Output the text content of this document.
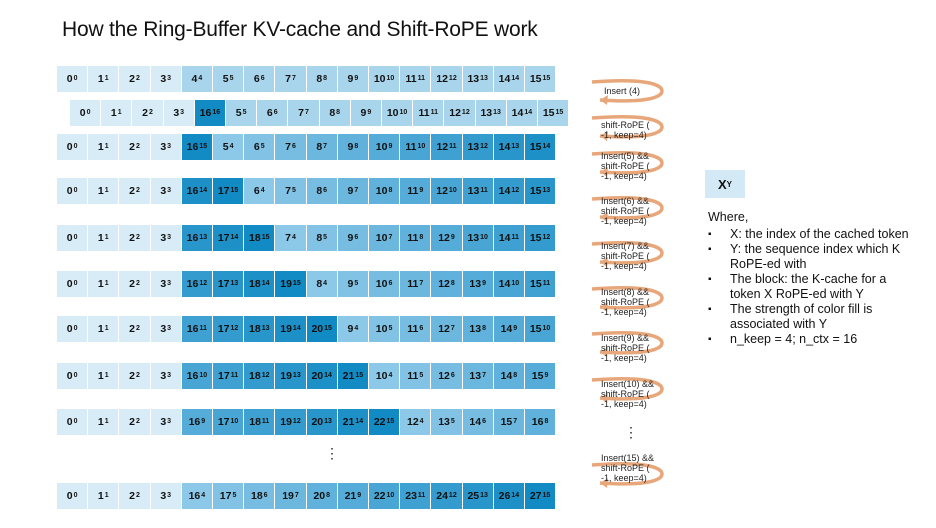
How the Ring-Buffer KV-cache and Shift-RoPE work
$0^0$ $1^1$ $2^2$ $3^3$ $4^4$ $5^5$ $6^6$ $7^7$ $8^8$ $9^9$ $10^{10}$ $11^{11}$ $12^{12}$ $13^{13}$ $14^{14}$ $15^{15}$
$0^0$ $1^1$ $2^2$ $3^3$ $16^{16}$ $5^5$ $6^6$ $7^7$ $8^8$ $9^9$ $10^{10}$ $11^{11}$ $12^{12}$ $13^{13}$ $14^{14}$ $15^{15}$
$0^0$ $1^1$ $2^2$ $3^3$ $16^{15}$ $5^4$ $6^5$ $7^6$ $8^7$ $9^8$ $10^9$ $11^{10}$ $12^{11}$ $13^{12}$ $14^{13}$ $15^{14}$
$0^0$ $1^1$ $2^2$ $3^3$ $16^{14}$ $17^{15}$ $6^4$ $7^5$ $8^6$ $9^7$ $10^8$ $11^9$ $12^{10}$ $13^{11}$ $14^{12}$ $15^{13}$
$0^0$ $1^1$ $2^2$ $3^3$ $16^{13}$ $17^{14}$ $18^{15}$ $7^4$ $8^5$ $9^6$ $10^7$ $11^8$ $12^9$ $13^{10}$ $14^{11}$ $15^{12}$
$0^0$ $1^1$ $2^2$ $3^3$ $16^{12}$ $17^{13}$ $18^{14}$ $19^{15}$ $8^4$ $9^5$ $10^6$ $11^7$ $12^8$ $13^9$ $14^{10}$ $15^{11}$
$0^0$ $1^1$ $2^2$ $3^3$ $16^{11}$ $17^{12}$ $18^{13}$ $19^{14}$ $20^{15}$ $9^4$ $10^5$ $11^6$ $12^7$ $13^8$ $14^9$ $15^{10}$
$0^0$ $1^1$ $2^2$ $3^3$ $16^{10}$ $17^{11}$ $18^{12}$ $19^{13}$ $20^{14}$ $21^{15}$ $10^4$ $11^5$ $12^6$ $13^7$ $14^8$ $15^9$
$0^0$ $1^1$ $2^2$ $3^3$ $16^9$ $17^{10}$ $18^{11}$ $19^{12}$ $20^{13}$ $21^{14}$ $22^{15}$ $12^4$ $13^5$ $14^6$ $15^7$ $16^8$
$0^0$ $1^1$ $2^2$ $3^3$ $16^4$ $17^5$ $18^6$ $19^7$ $20^8$ $21^9$ $22^{10}$ $23^{11}$ $24^{12}$ $25^{13}$ $26^{14}$ $27^{15}$
Insert (4)
shift-RoPE (
-1, keep=4)
Insert(5) &&
shift-RoPE (
-1, keep=4)
Insert(6) &&
shift-RoPE (
-1, keep=4)
Insert(7) &&
shift-RoPE (
-1, keep=4)
Insert(8) &&
shift-RoPE (
-1, keep=4)
Insert(9) &&
shift-RoPE (
-1, keep=4)
Insert(10) &&
shift-RoPE (
-1, keep=4)
Insert(15) &&
shift-RoPE (
-1, keep=4)
⋮
⋮
X Y
Where,
▪ X: the index of the cached token
▪ Y: the sequence index which K RoPE-ed with
▪ The block: the K-cache for a token X RoPE-ed with Y
▪ The strength of color fill is associated with Y
▪ n_keep = 4; n_ctx = 16
